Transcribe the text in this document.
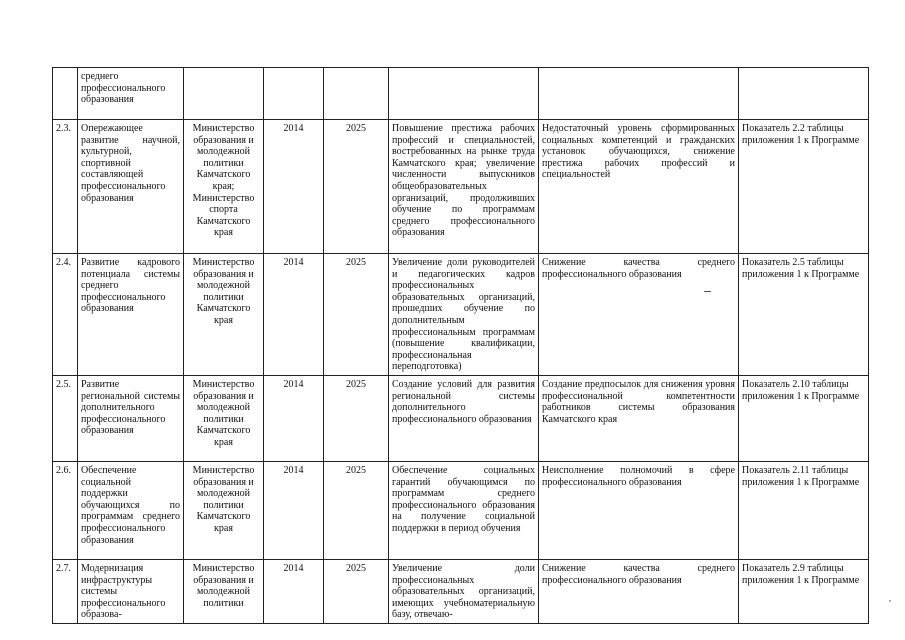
	среднего профессионального образования						
2.3.	Опережающее развитие научной, культурной, спортивной составляющей профессионального образования	Министерство образования и молодежной политики Камчатского края; Министерство спорта Камчатского края	2014	2025	Повышение престижа рабочих профессий и специальностей, востребованных на рынке труда Камчатского края; увеличение численности выпускников общеобразовательных организаций, продолживших обучение по программам среднего профессионального образования	Недостаточный уровень сформированных социальных компетенций и гражданских установок обучающихся, снижение престижа рабочих профессий и специальностей	Показатель 2.2 таблицы приложения 1 к Программе
2.4.	Развитие кадрового потенциала системы среднего профессионального образования	Министерство образования и молодежной политики Камчатского края	2014	2025	Увеличение доли руководителей и педагогических кадров профессиональных образовательных организаций, прошедших обучение по дополнительным профессиональным программам (повышение квалификации, профессиональная переподготовка)	Снижение качества среднего профессионального образования	Показатель 2.5 таблицы приложения 1 к Программе
2.5.	Развитие региональной системы дополнительного профессионального образования	Министерство образования и молодежной политики Камчатского края	2014	2025	Создание условий для развития региональной системы дополнительного профессионального образования	Создание предпосылок для снижения уровня профессиональной компетентности работников системы образования Камчатского края	Показатель 2.10 таблицы приложения 1 к Программе
2.6.	Обеспечение социальной поддержки обучающихся по программам среднего профессионального образования	Министерство образования и молодежной политики Камчатского края	2014	2025	Обеспечение социальных гарантий обучающимся по программам среднего профессионального образования на получение социальной поддержки в период обучения	Неисполнение полномочий в сфере профессионального образования	Показатель 2.11 таблицы приложения 1 к Программе
2.7.	Модернизация инфраструктуры системы профессионального образова-	Министерство образования и молодежной политики	2014	2025	Увеличение доли профессиональных образовательных организаций, имеющих учебноматериальную базу, отвечаю-	Снижение качества среднего профессионального образования	Показатель 2.9 таблицы приложения 1 к Программе
